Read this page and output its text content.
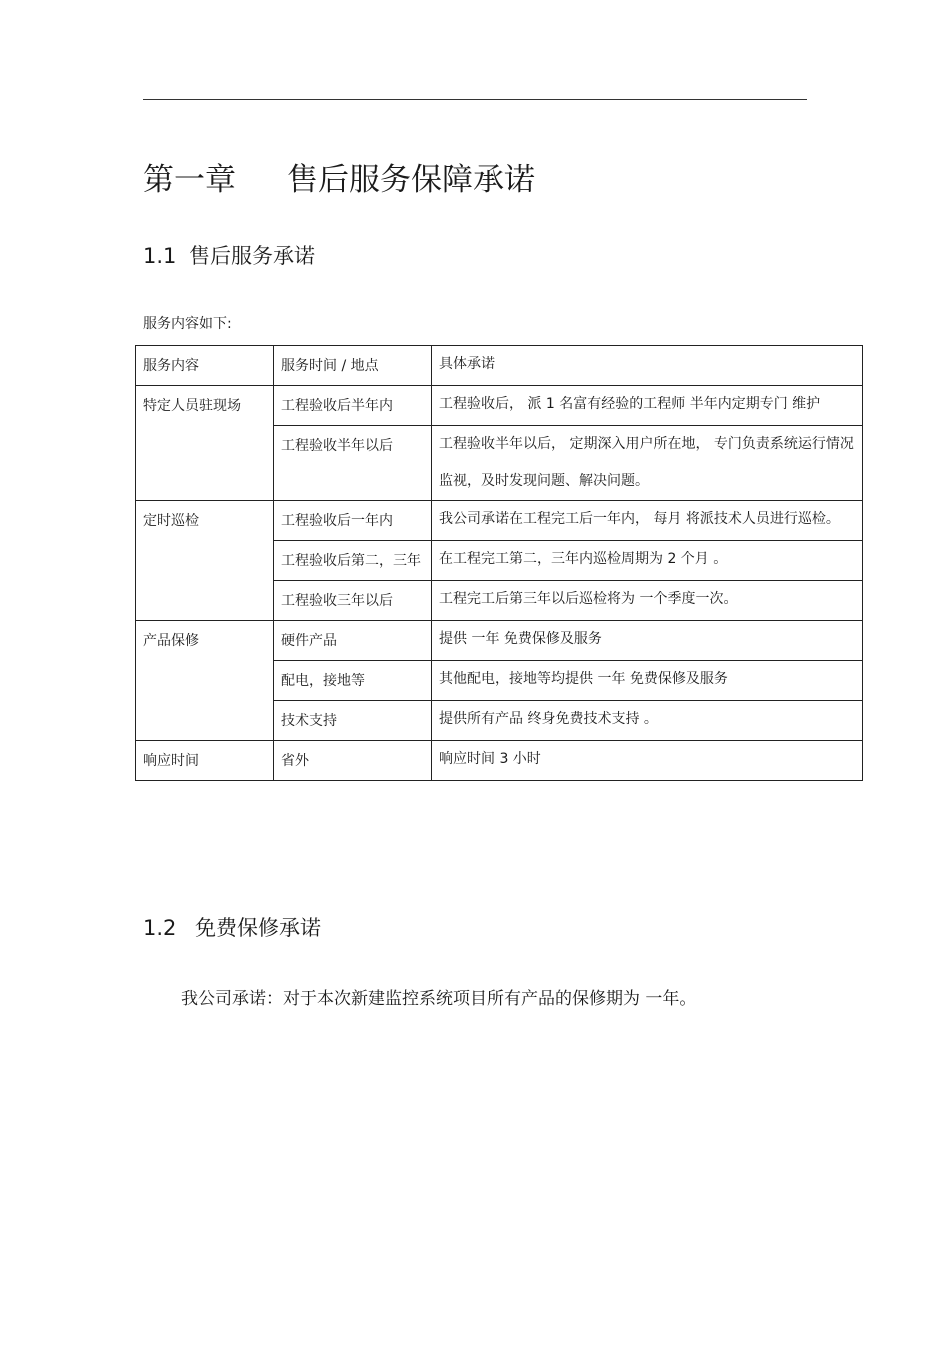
第一章 售后服务保障承诺
1.1 售后服务承诺
服务内容如下:
服务内容	服务时间 / 地点	具体承诺
特定人员驻现场	工程验收后半年内	工程验收后， 派 1 名富有经验的工程师 半年内定期专门 维护
	工程验收半年以后	工程验收半年以后， 定期深入用户所在地， 专门负责系统运行情况监视，及时发现问题、解决问题。
定时巡检	工程验收后一年内	我公司承诺在工程完工后一年内， 每月 将派技术人员进行巡检。
	工程验收后第二，三年	在工程完工第二，三年内巡检周期为 2 个月 。
	工程验收三年以后	工程完工后第三年以后巡检将为 一个季度一次。
产品保修	硬件产品	提供 一年 免费保修及服务
	配电，接地等	其他配电，接地等均提供 一年 免费保修及服务
	技术支持	提供所有产品 终身免费技术支持 。
响应时间	省外	响应时间 3 小时
1.2 免费保修承诺
我公司承诺：对于本次新建监控系统项目所有产品的保修期为 一年。
